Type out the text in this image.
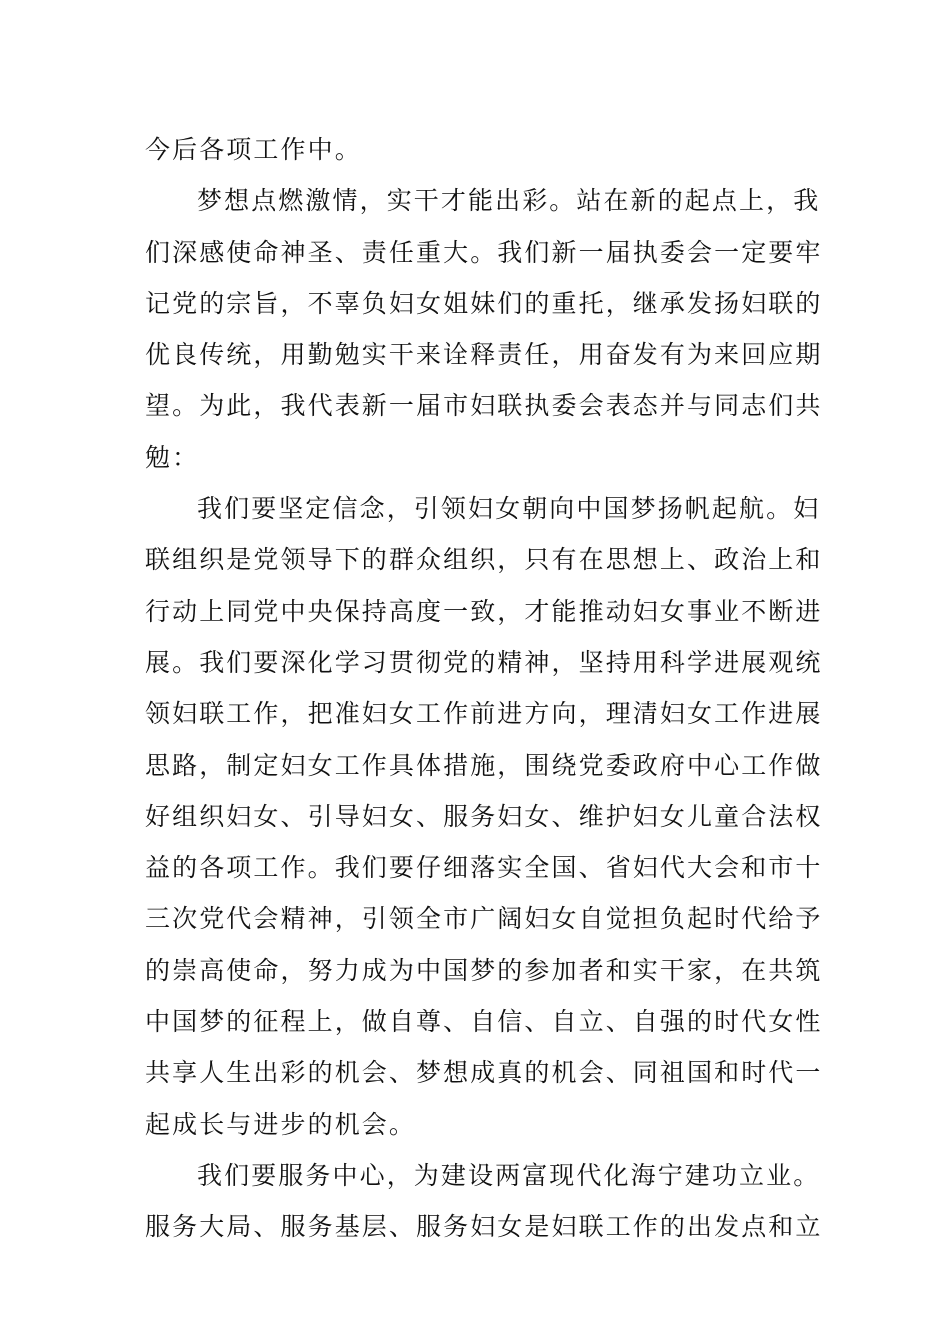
今后各项工作中。
梦想点燃激情，实干才能出彩。站在新的起点上，我
们深感使命神圣、责任重大。我们新一届执委会一定要牢
记党的宗旨，不辜负妇女姐妹们的重托，继承发扬妇联的
优良传统，用勤勉实干来诠释责任，用奋发有为来回应期
望。为此，我代表新一届市妇联执委会表态并与同志们共
勉：
我们要坚定信念，引领妇女朝向中国梦扬帆起航。妇
联组织是党领导下的群众组织，只有在思想上、政治上和
行动上同党中央保持高度一致，才能推动妇女事业不断进
展。我们要深化学习贯彻党的精神，坚持用科学进展观统
领妇联工作，把准妇女工作前进方向，理清妇女工作进展
思路，制定妇女工作具体措施，围绕党委政府中心工作做
好组织妇女、引导妇女、服务妇女、维护妇女儿童合法权
益的各项工作。我们要仔细落实全国、省妇代大会和市十
三次党代会精神，引领全市广阔妇女自觉担负起时代给予
的崇高使命，努力成为中国梦的参加者和实干家，在共筑
中国梦的征程上，做自尊、自信、自立、自强的时代女性
共享人生出彩的机会、梦想成真的机会、同祖国和时代一
起成长与进步的机会。
我们要服务中心，为建设两富现代化海宁建功立业。
服务大局、服务基层、服务妇女是妇联工作的出发点和立
